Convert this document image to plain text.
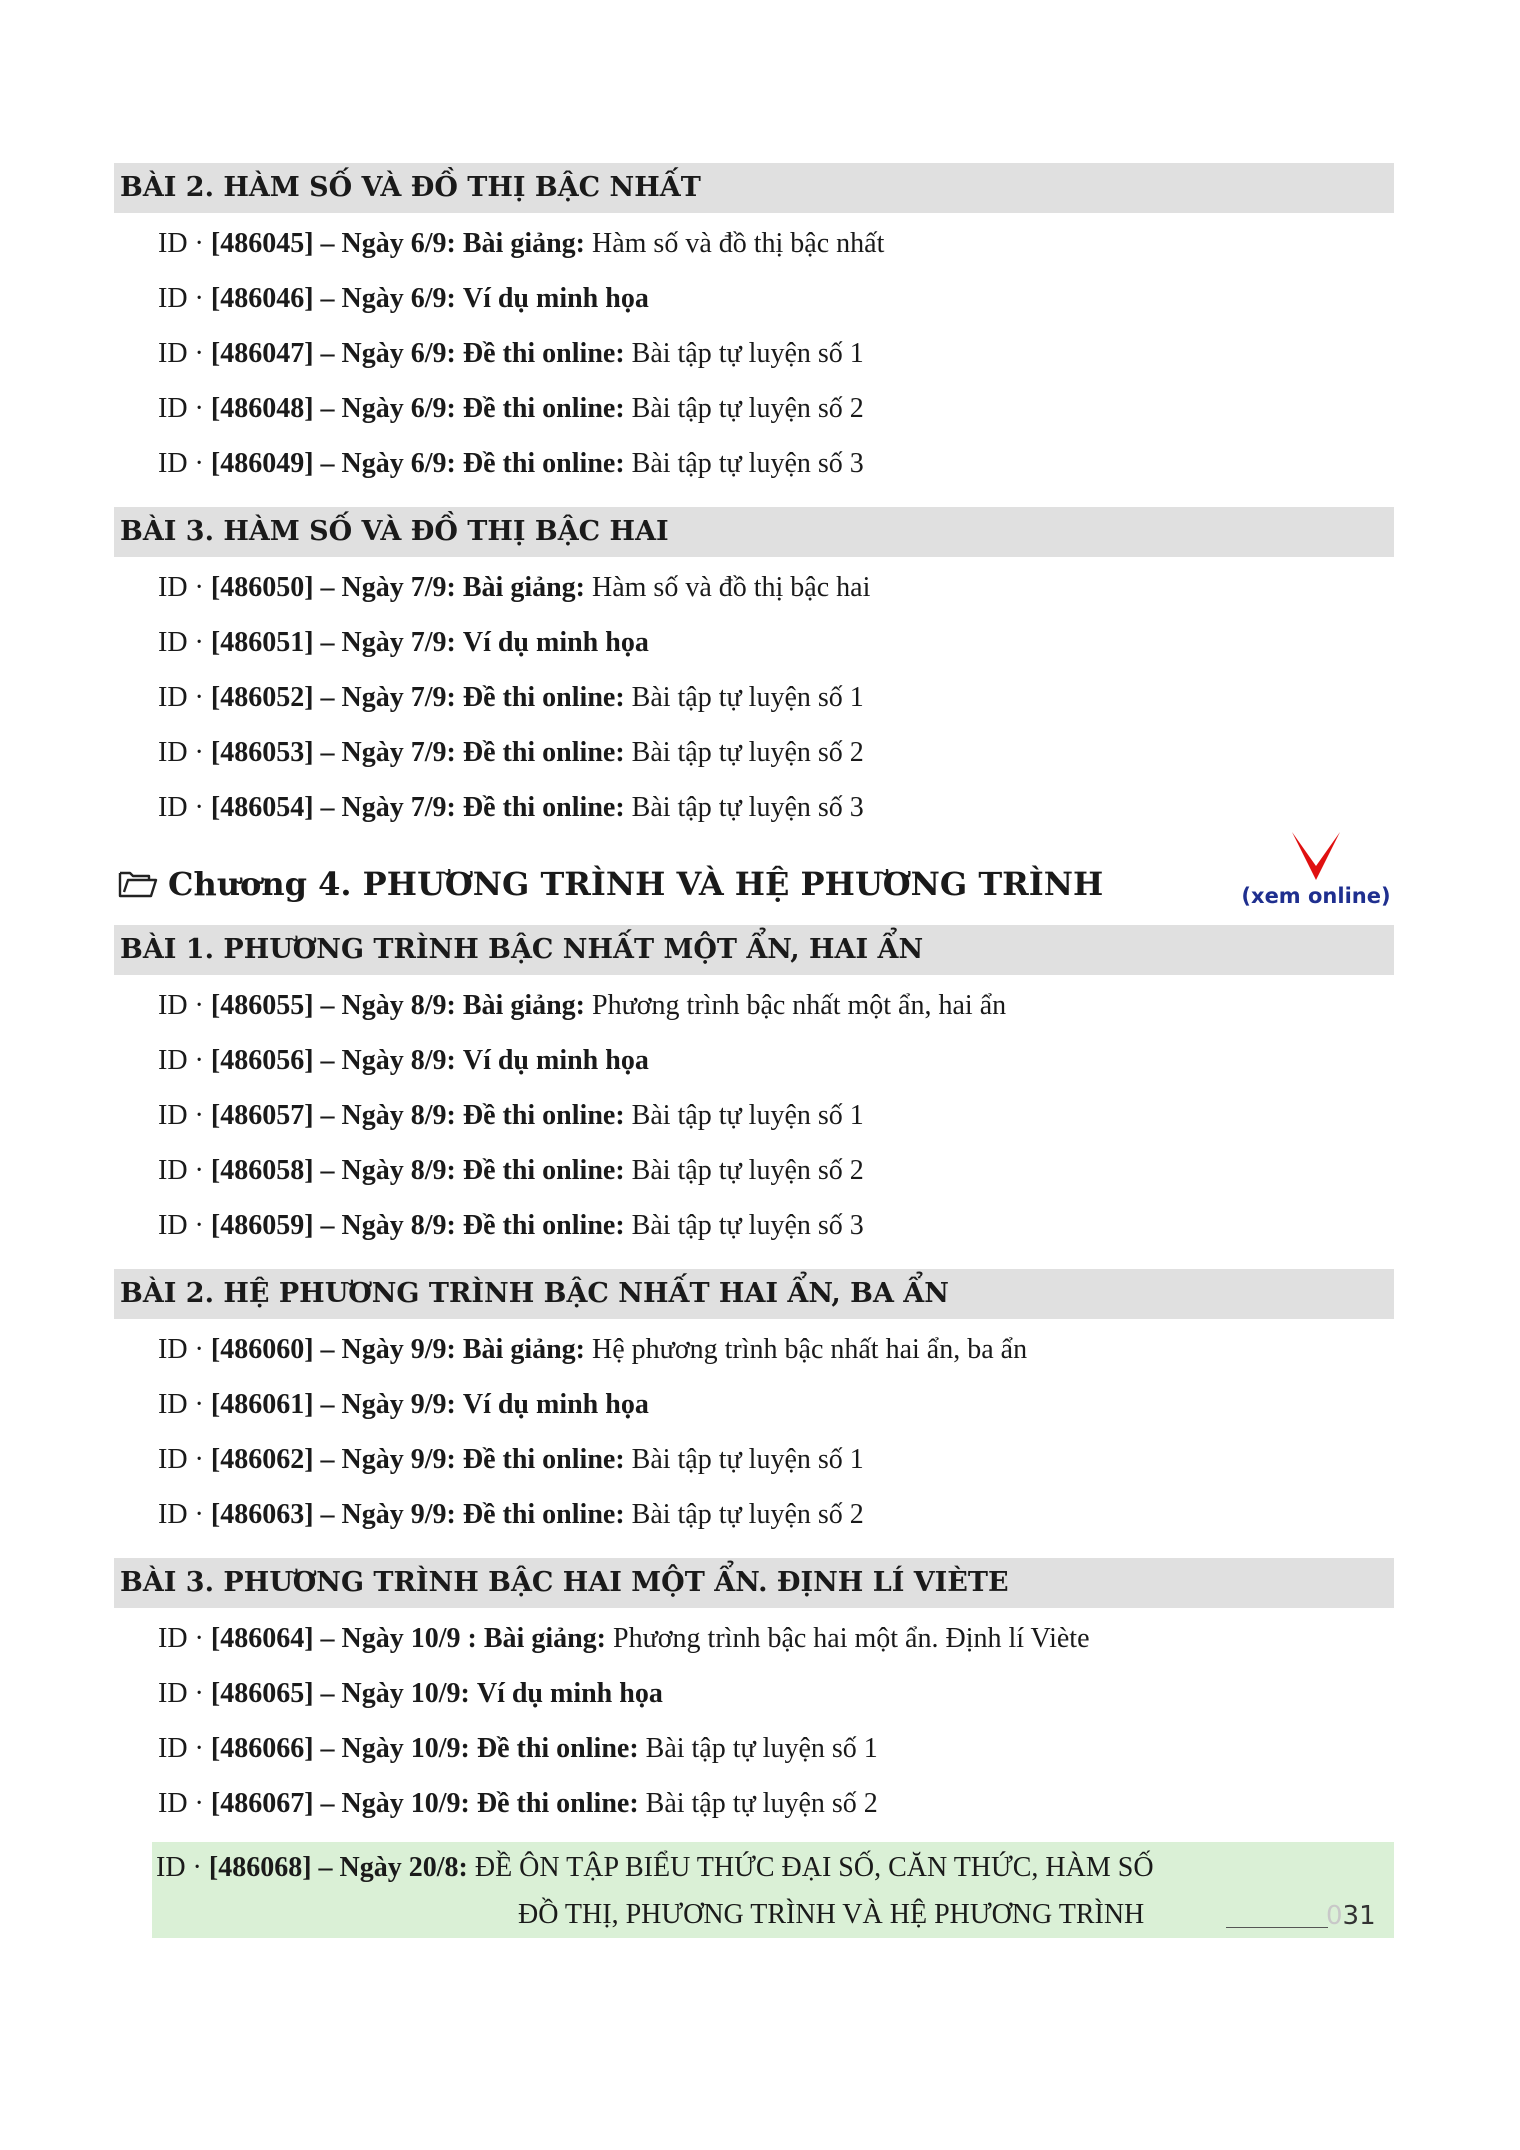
BÀI 2. HÀM SỐ VÀ ĐỒ THỊ BẬC NHẤT
ID · [486045] – Ngày 6/9: Bài giảng: Hàm số và đồ thị bậc nhất
ID · [486046] – Ngày 6/9: Ví dụ minh họa
ID · [486047] – Ngày 6/9: Đề thi online: Bài tập tự luyện số 1
ID · [486048] – Ngày 6/9: Đề thi online: Bài tập tự luyện số 2
ID · [486049] – Ngày 6/9: Đề thi online: Bài tập tự luyện số 3
BÀI 3. HÀM SỐ VÀ ĐỒ THỊ BẬC HAI
ID · [486050] – Ngày 7/9: Bài giảng: Hàm số và đồ thị bậc hai
ID · [486051] – Ngày 7/9: Ví dụ minh họa
ID · [486052] – Ngày 7/9: Đề thi online: Bài tập tự luyện số 1
ID · [486053] – Ngày 7/9: Đề thi online: Bài tập tự luyện số 2
ID · [486054] – Ngày 7/9: Đề thi online: Bài tập tự luyện số 3
Chương 4. PHƯƠNG TRÌNH VÀ HỆ PHƯƠNG TRÌNH	(xem online)
BÀI 1. PHƯƠNG TRÌNH BẬC NHẤT MỘT ẨN, HAI ẨN
ID · [486055] – Ngày 8/9: Bài giảng: Phương trình bậc nhất một ẩn, hai ẩn
ID · [486056] – Ngày 8/9: Ví dụ minh họa
ID · [486057] – Ngày 8/9: Đề thi online: Bài tập tự luyện số 1
ID · [486058] – Ngày 8/9: Đề thi online: Bài tập tự luyện số 2
ID · [486059] – Ngày 8/9: Đề thi online: Bài tập tự luyện số 3
BÀI 2. HỆ PHƯƠNG TRÌNH BẬC NHẤT HAI ẨN, BA ẨN
ID · [486060] – Ngày 9/9: Bài giảng: Hệ phương trình bậc nhất hai ẩn, ba ẩn
ID · [486061] – Ngày 9/9: Ví dụ minh họa
ID · [486062] – Ngày 9/9: Đề thi online: Bài tập tự luyện số 1
ID · [486063] – Ngày 9/9: Đề thi online: Bài tập tự luyện số 2
BÀI 3. PHƯƠNG TRÌNH BẬC HAI MỘT ẨN. ĐỊNH LÍ VIÈTE
ID · [486064] – Ngày 10/9 : Bài giảng: Phương trình bậc hai một ẩn. Định lí Viète
ID · [486065] – Ngày 10/9: Ví dụ minh họa
ID · [486066] – Ngày 10/9: Đề thi online: Bài tập tự luyện số 1
ID · [486067] – Ngày 10/9: Đề thi online: Bài tập tự luyện số 2
ID · [486068] – Ngày 20/8: ĐỀ ÔN TẬP BIỂU THỨC ĐẠI SỐ, CĂN THỨC, HÀM SỐ
ĐỒ THỊ, PHƯƠNG TRÌNH VÀ HỆ PHƯƠNG TRÌNH	031
